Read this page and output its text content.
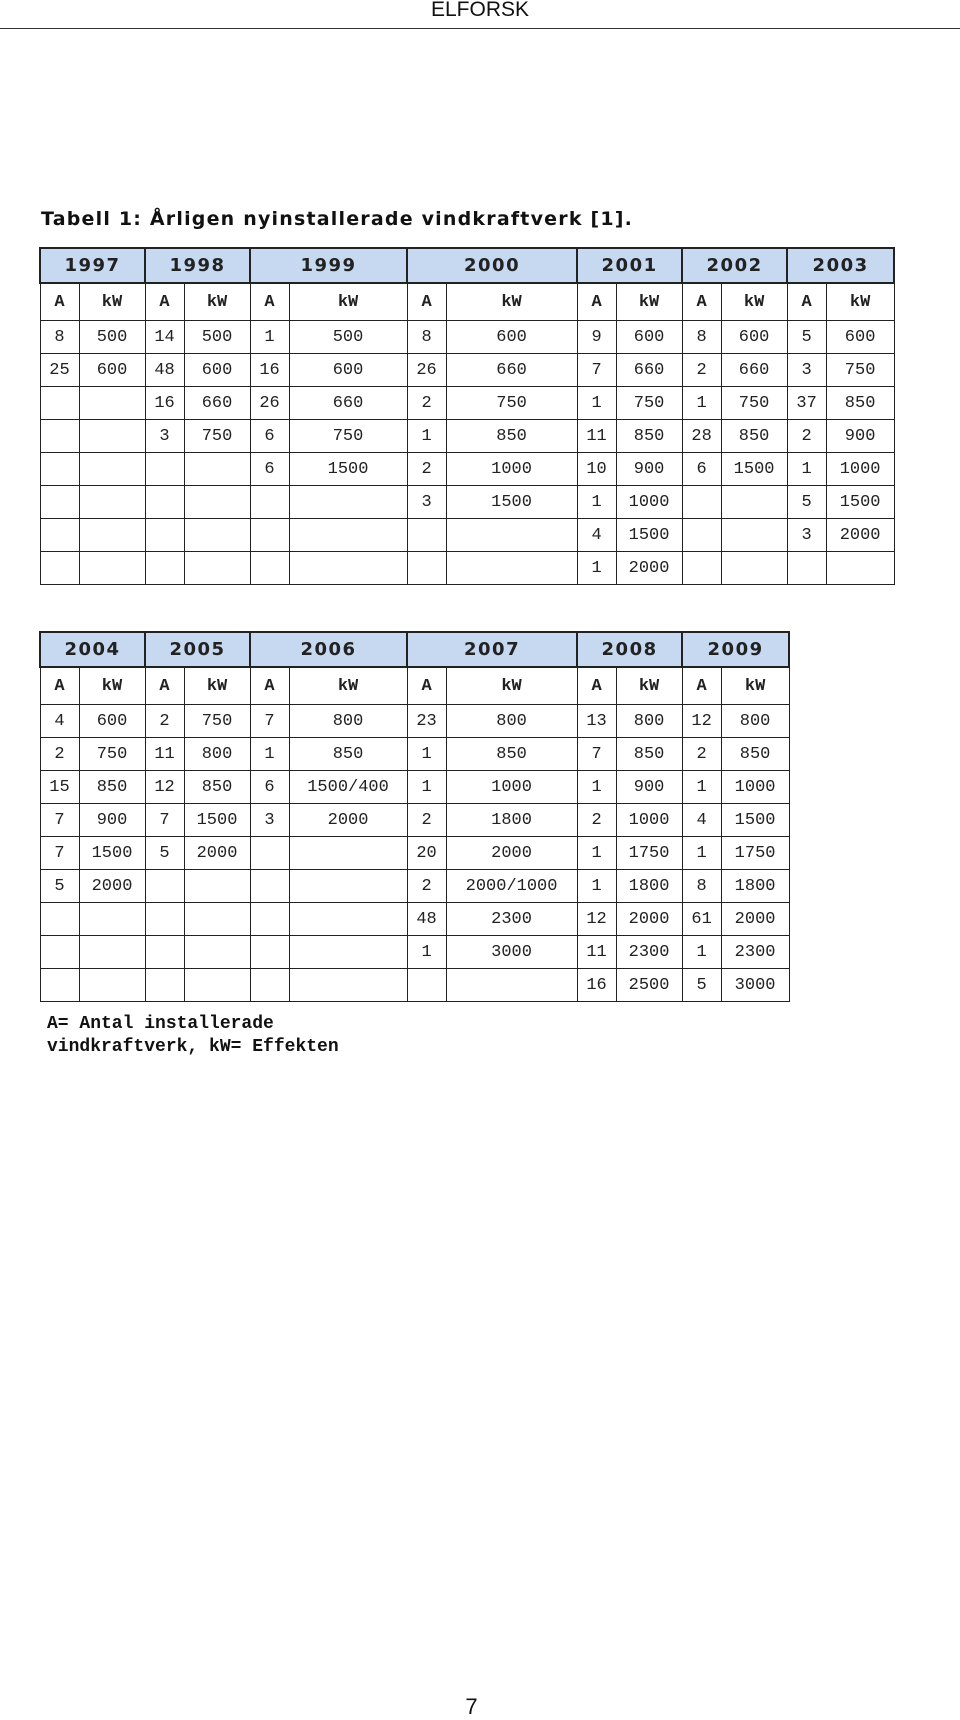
ELFORSK
Tabell 1: Årligen nyinstallerade vindkraftverk [1].
1997		1998		1999		2000		2001		2002		2003	
A	kW	A	kW	A	kW	A	kW	A	kW	A	kW	A	kW
8	500	14	500	1	500	8	600	9	600	8	600	5	600
25	600	48	600	16	600	26	660	7	660	2	660	3	750
		16	660	26	660	2	750	1	750	1	750	37	850
		3	750	6	750	1	850	11	850	28	850	2	900
				6	1500	2	1000	10	900	6	1500	1	1000
						3	1500	1	1000			5	1500
								4	1500			3	2000
								1	2000				
2004		2005		2006		2007		2008		2009	
A	kW	A	kW	A	kW	A	kW	A	kW	A	kW
4	600	2	750	7	800	23	800	13	800	12	800
2	750	11	800	1	850	1	850	7	850	2	850
15	850	12	850	6	1500/400	1	1000	1	900	1	1000
7	900	7	1500	3	2000	2	1800	2	1000	4	1500
7	1500	5	2000			20	2000	1	1750	1	1750
5	2000					2	2000/1000	1	1800	8	1800
						48	2300	12	2000	61	2000
						1	3000	11	2300	1	2300
								16	2500	5	3000
A= Antal installerade
vindkraftverk, kW= Effekten
7
